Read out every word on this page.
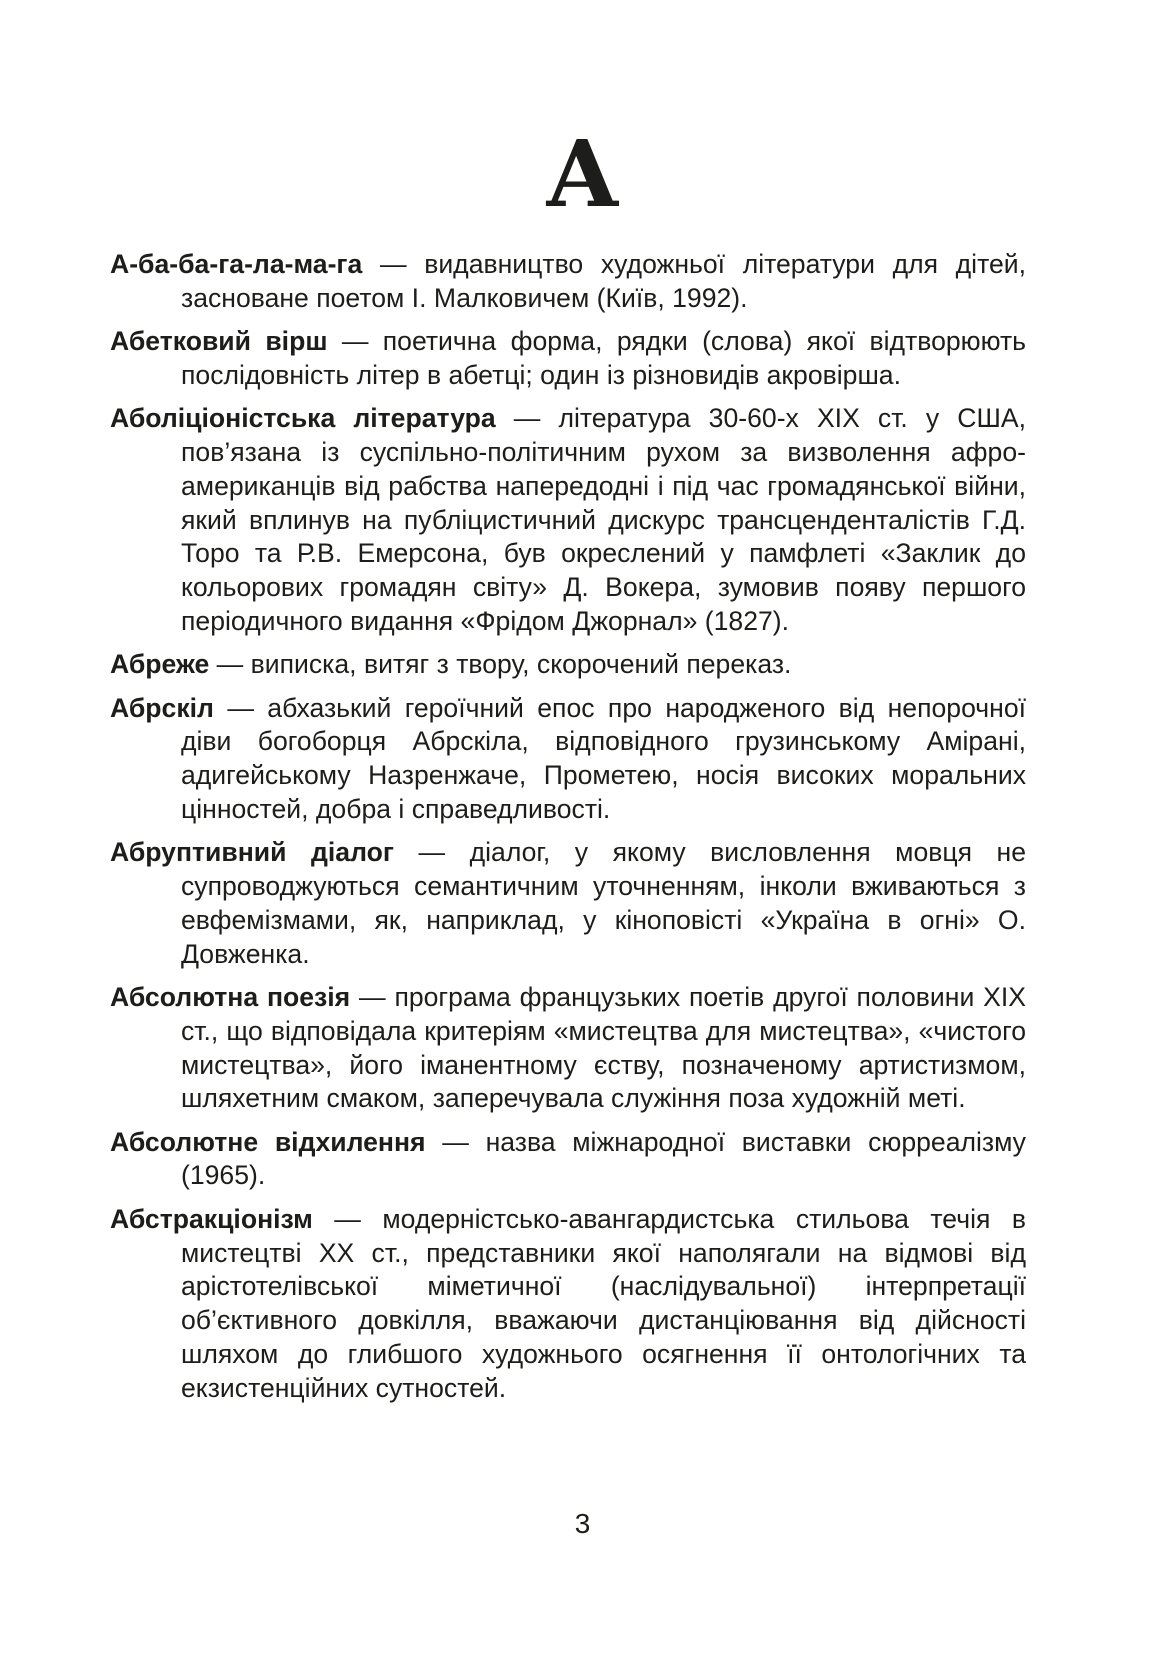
А

А-ба-ба-га-ла-ма-га — видавництво художньої літератури для дітей, засноване поетом І. Малковичем (Київ, 1992).

Абетковий вірш — поетична форма, рядки (слова) якої відтворюють послідовність літер в абетці; один із різновидів акровірша.

Аболіціоністська література — література 30-60-х ХІХ ст. у США, пов’язана із суспільно-політичним рухом за визволення афро-американців від рабства напередодні і під час громадянської війни, який вплинув на публіцистичний дискурс трансценденталістів Г.Д. Торо та Р.В. Емерсона, був окреслений у памфлеті «Заклик до кольорових громадян світу» Д. Вокера, зумовив появу першого періодичного видання «Фрідом Джорнал» (1827).

Абреже — виписка, витяг з твору, скорочений переказ.

Абрскіл — абхазький героїчний епос про народженого від непорочної діви богоборця Абрскіла, відповідного грузинському Амірані, адигейському Назренжаче, Прометею, носія високих моральних цінностей, добра і справедливості.

Абруптивний діалог — діалог, у якому висловлення мовця не супроводжуються семантичним уточненням, інколи вживаються з евфемізмами, як, наприклад, у кіноповісті «Україна в огні» О. Довженка.

Абсолютна поезія — програма французьких поетів другої половини ХІХ ст., що відповідала критеріям «мистецтва для мистецтва», «чистого мистецтва», його іманентному єству, позначеному артистизмом, шляхетним смаком, заперечувала служіння поза художній меті.

Абсолютне відхилення — назва міжнародної виставки сюрреалізму (1965).

Абстракціонізм — модерністсько-авангардистська стильова течія в мистецтві ХХ ст., представники якої наполягали на відмові від арістотелівської міметичної (наслідувальної) інтерпретації об’єктивного довкілля, вважаючи дистанціювання від дійсності шляхом до глибшого художнього осягнення її онтологічних та екзистенційних сутностей.

3
